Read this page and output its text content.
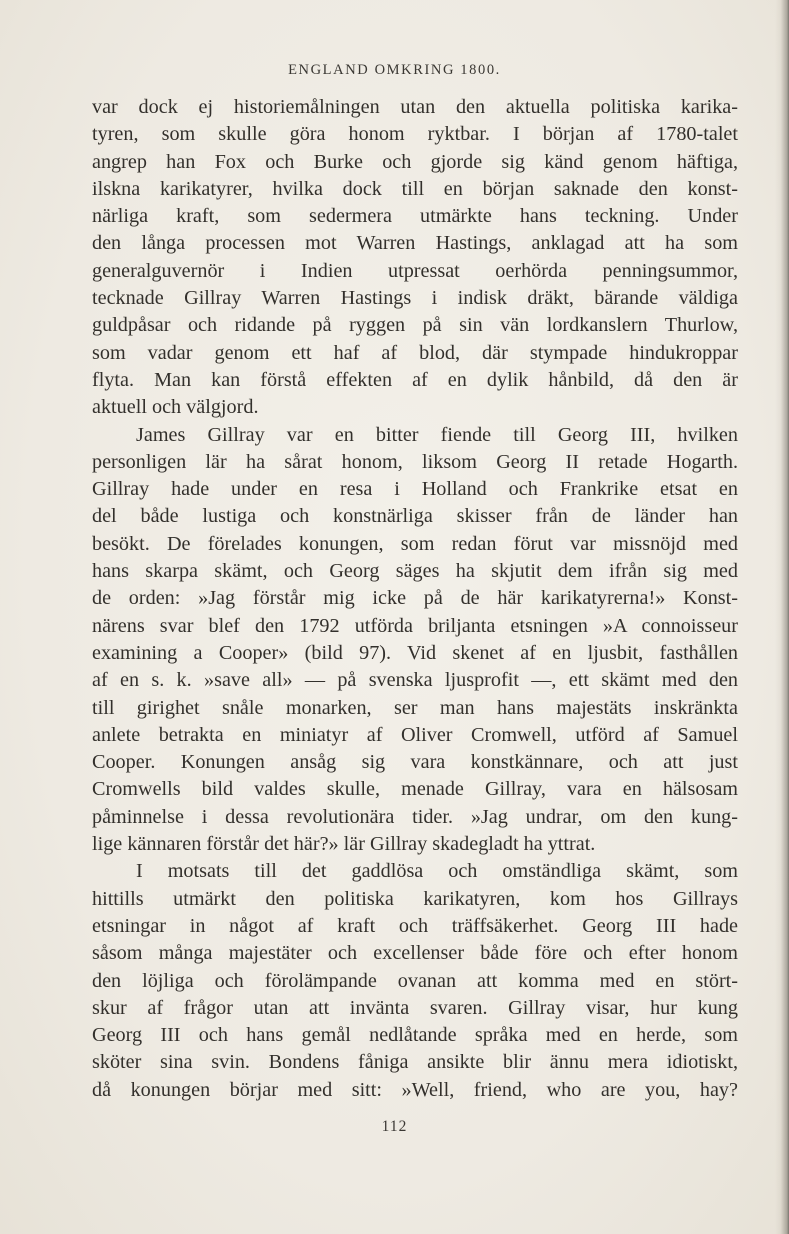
ENGLAND OMKRING 1800.

var dock ej historiemålningen utan den aktuella politiska karika-
tyren, som skulle göra honom ryktbar. I början af 1780-talet
angrep han Fox och Burke och gjorde sig känd genom häftiga,
ilskna karikatyrer, hvilka dock till en början saknade den konst-
närliga kraft, som sedermera utmärkte hans teckning. Under
den långa processen mot Warren Hastings, anklagad att ha som
generalguvernör i Indien utpressat oerhörda penningsummor,
tecknade Gillray Warren Hastings i indisk dräkt, bärande väldiga
guldpåsar och ridande på ryggen på sin vän lordkanslern Thurlow,
som vadar genom ett haf af blod, där stympade hindukroppar
flyta. Man kan förstå effekten af en dylik hånbild, då den är
aktuell och välgjord.
James Gillray var en bitter fiende till Georg III, hvilken
personligen lär ha sårat honom, liksom Georg II retade Hogarth.
Gillray hade under en resa i Holland och Frankrike etsat en
del både lustiga och konstnärliga skisser från de länder han
besökt. De förelades konungen, som redan förut var missnöjd med
hans skarpa skämt, och Georg säges ha skjutit dem ifrån sig med
de orden: »Jag förstår mig icke på de här karikatyrerna!» Konst-
närens svar blef den 1792 utförda briljanta etsningen »A connoisseur
examining a Cooper» (bild 97). Vid skenet af en ljusbit, fasthållen
af en s. k. »save all» — på svenska ljusprofit —, ett skämt med den
till girighet snåle monarken, ser man hans majestäts inskränkta
anlete betrakta en miniatyr af Oliver Cromwell, utförd af Samuel
Cooper. Konungen ansåg sig vara konstkännare, och att just
Cromwells bild valdes skulle, menade Gillray, vara en hälsosam
påminnelse i dessa revolutionära tider. »Jag undrar, om den kung-
lige kännaren förstår det här?» lär Gillray skadegladt ha yttrat.
I motsats till det gaddlösa och omständliga skämt, som
hittills utmärkt den politiska karikatyren, kom hos Gillrays
etsningar in något af kraft och träffsäkerhet. Georg III hade
såsom många majestäter och excellenser både före och efter honom
den löjliga och förolämpande ovanan att komma med en stört-
skur af frågor utan att invänta svaren. Gillray visar, hur kung
Georg III och hans gemål nedlåtande språka med en herde, som
sköter sina svin. Bondens fåniga ansikte blir ännu mera idiotiskt,
då konungen börjar med sitt: »Well, friend, who are you, hay?

112
